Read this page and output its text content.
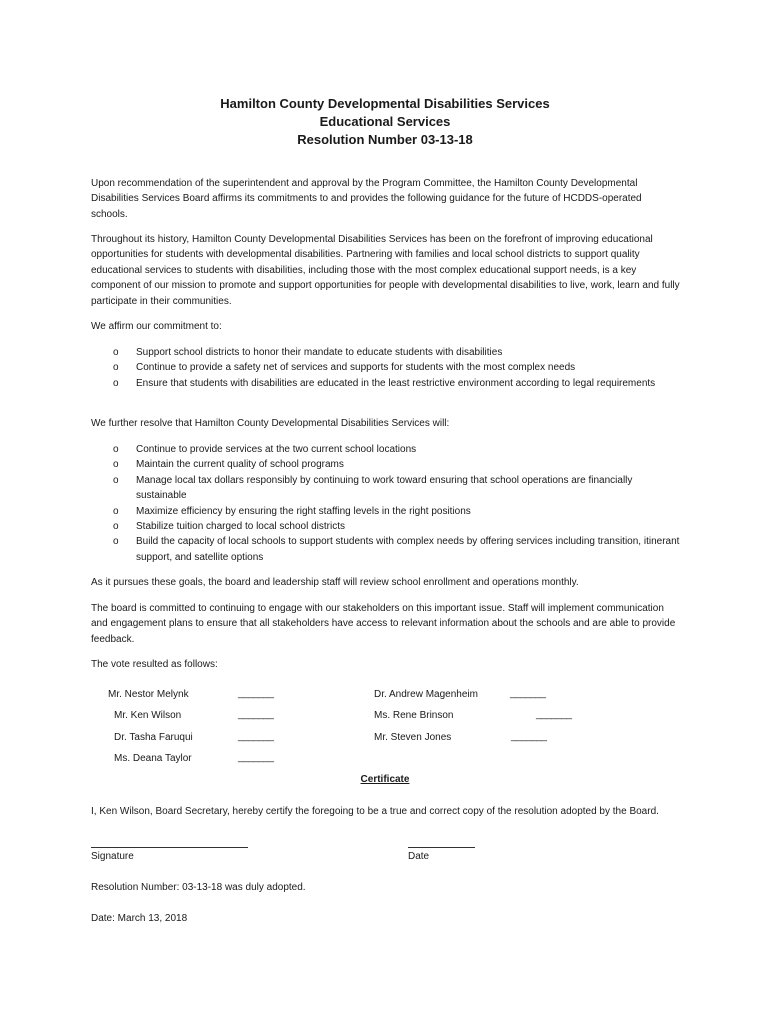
Hamilton County Developmental Disabilities Services
Educational Services
Resolution Number 03-13-18

Upon recommendation of the superintendent and approval by the Program Committee, the Hamilton County Developmental Disabilities Services Board affirms its commitments to and provides the following guidance for the future of HCDDS-operated schools.

Throughout its history, Hamilton County Developmental Disabilities Services has been on the forefront of improving educational opportunities for students with developmental disabilities. Partnering with families and local school districts to support quality educational services to students with disabilities, including those with the most complex educational support needs, is a key component of our mission to promote and support opportunities for people with developmental disabilities to live, work, learn and fully participate in their communities.

We affirm our commitment to:

o Support school districts to honor their mandate to educate students with disabilities
o Continue to provide a safety net of services and supports for students with the most complex needs
o Ensure that students with disabilities are educated in the least restrictive environment according to legal requirements

We further resolve that Hamilton County Developmental Disabilities Services will:

o Continue to provide services at the two current school locations
o Maintain the current quality of school programs
o Manage local tax dollars responsibly by continuing to work toward ensuring that school operations are financially sustainable
o Maximize efficiency by ensuring the right staffing levels in the right positions
o Stabilize tuition charged to local school districts
o Build the capacity of local schools to support students with complex needs by offering services including transition, itinerant support, and satellite options

As it pursues these goals, the board and leadership staff will review school enrollment and operations monthly.

The board is committed to continuing to engage with our stakeholders on this important issue. Staff will implement communication and engagement plans to ensure that all stakeholders have access to relevant information about the schools and are able to provide feedback.

The vote resulted as follows:

Mr. Nestor Melynk	_______
Mr. Ken Wilson	_______
Dr. Tasha Faruqui	_______
Ms. Deana Taylor	_______
Dr. Andrew Magenheim	_______
Ms. Rene Brinson	_______
Mr. Steven Jones	_______
Certificate
I, Ken Wilson, Board Secretary, hereby certify the foregoing to be a true and correct copy of the resolution adopted by the Board.
Signature	Date
Resolution Number: 03-13-18 was duly adopted.
Date: March 13, 2018
